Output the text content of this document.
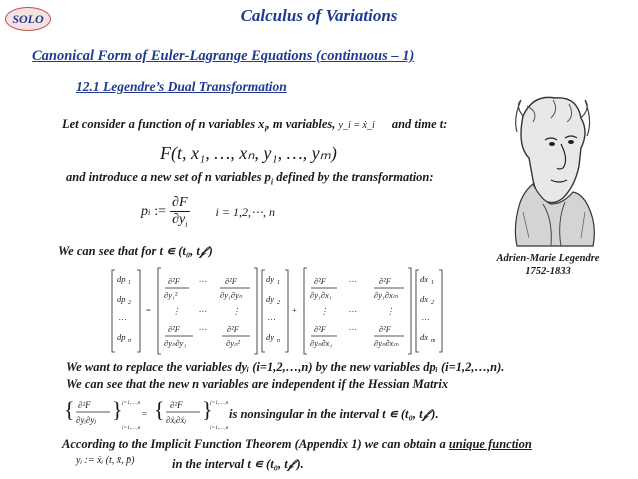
SOLO	Calculus of Variations
Canonical Form of Euler-Lagrange Equations (continuous – 1)
12.1 Legendre’s Dual Transformation
Let consider a function of n variables $x_i$, m variables, y_i = ẋ_i and time t:
F(t, x₁, …, xₙ, y₁, …, yₘ)
and introduce a new set of n variables $p_i$ defined by the transformation:
p i := $\frac{\partial F}{\partial y_i}$ i = 1,2,⋯, n
We can see that for t ∊ (t₀, t𝒻 )
Adrien-Marie Legendre
1752-1833
dp 1
dp 2
…
dp n
=
∂²F
∂y₁²
⋯ ∂²F
∂y₁∂yₙ
⋮ ⋯	⋮
∂²F
∂yₙ∂y₁
⋯ ∂²F
∂yₙ²
dy 1
dy 2
…
dy n
+
∂²F
∂y₁∂x₁
⋯	∂²F
∂y₁∂xₘ
⋮ ⋯	⋮
∂²F
∂yₙ∂x₁
⋯	∂²F
∂yₙ∂xₘ
dx 1
dx 2
…
dx m
We want to replace the variables dyᵢ (i=1,2,…,n) by the new variables dpᵢ (i=1,2,…,n).
We can see that the new n variables are independent if the Hessian Matrix
{ ∂²F
∂yᵢ∂yⱼ } j=1,…,n
i=1,…,n
= { ∂²F
∂ẋᵢ∂ẋⱼ }
j=1,…,n
i=1,…,n
is nonsingular in the interval t ∊ (t₀, t𝒻 ).
According to the Implicit Function Theorem (Appendix 1) we can obtain a unique function
yᵢ := ẋᵢ (t, x̄, p̄)	in the interval t ∊ (t₀, t𝒻 ).
